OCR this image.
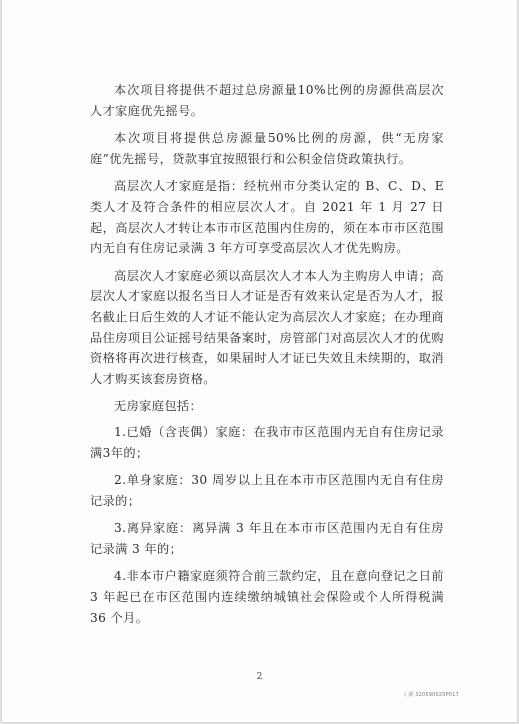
本次项目将提供不超过总房源量10%比例的房源供高层次人才家庭优先摇号。

本次项目将提供总房源量50%比例的房源，供“无房家庭”优先摇号，贷款事宜按照银行和公积金信贷政策执行。

高层次人才家庭是指：经杭州市分类认定的 B、C、D、E 类人才及符合条件的相应层次人才。自 2021 年 1 月 27 日起，高层次人才转让本市市区范围内住房的，须在本市市区范围内无自有住房记录满 3 年方可享受高层次人才优先购房。

高层次人才家庭必须以高层次人才本人为主购房人申请；高层次人才家庭以报名当日人才证是否有效来认定是否为人才，报名截止日后生效的人才证不能认定为高层次人才家庭；在办理商品住房项目公证摇号结果备案时，房管部门对高层次人才的优购资格将再次进行核查，如果届时人才证已失效且未续期的，取消人才购买该套房资格。

无房家庭包括：

1.已婚（含丧偶）家庭：在我市市区范围内无自有住房记录满3年的；

2.单身家庭：30 周岁以上且在本市市区范围内无自有住房记录的；

3.离异家庭：离异满 3 年且在本市市区范围内无自有住房记录满 3 年的；

4.非本市户籍家庭须符合前三款约定，且在意向登记之日前 3 年起已在市区范围内连续缴纳城镇社会保险或个人所得税满 36 个月。

2
( 浙 320590020P017
